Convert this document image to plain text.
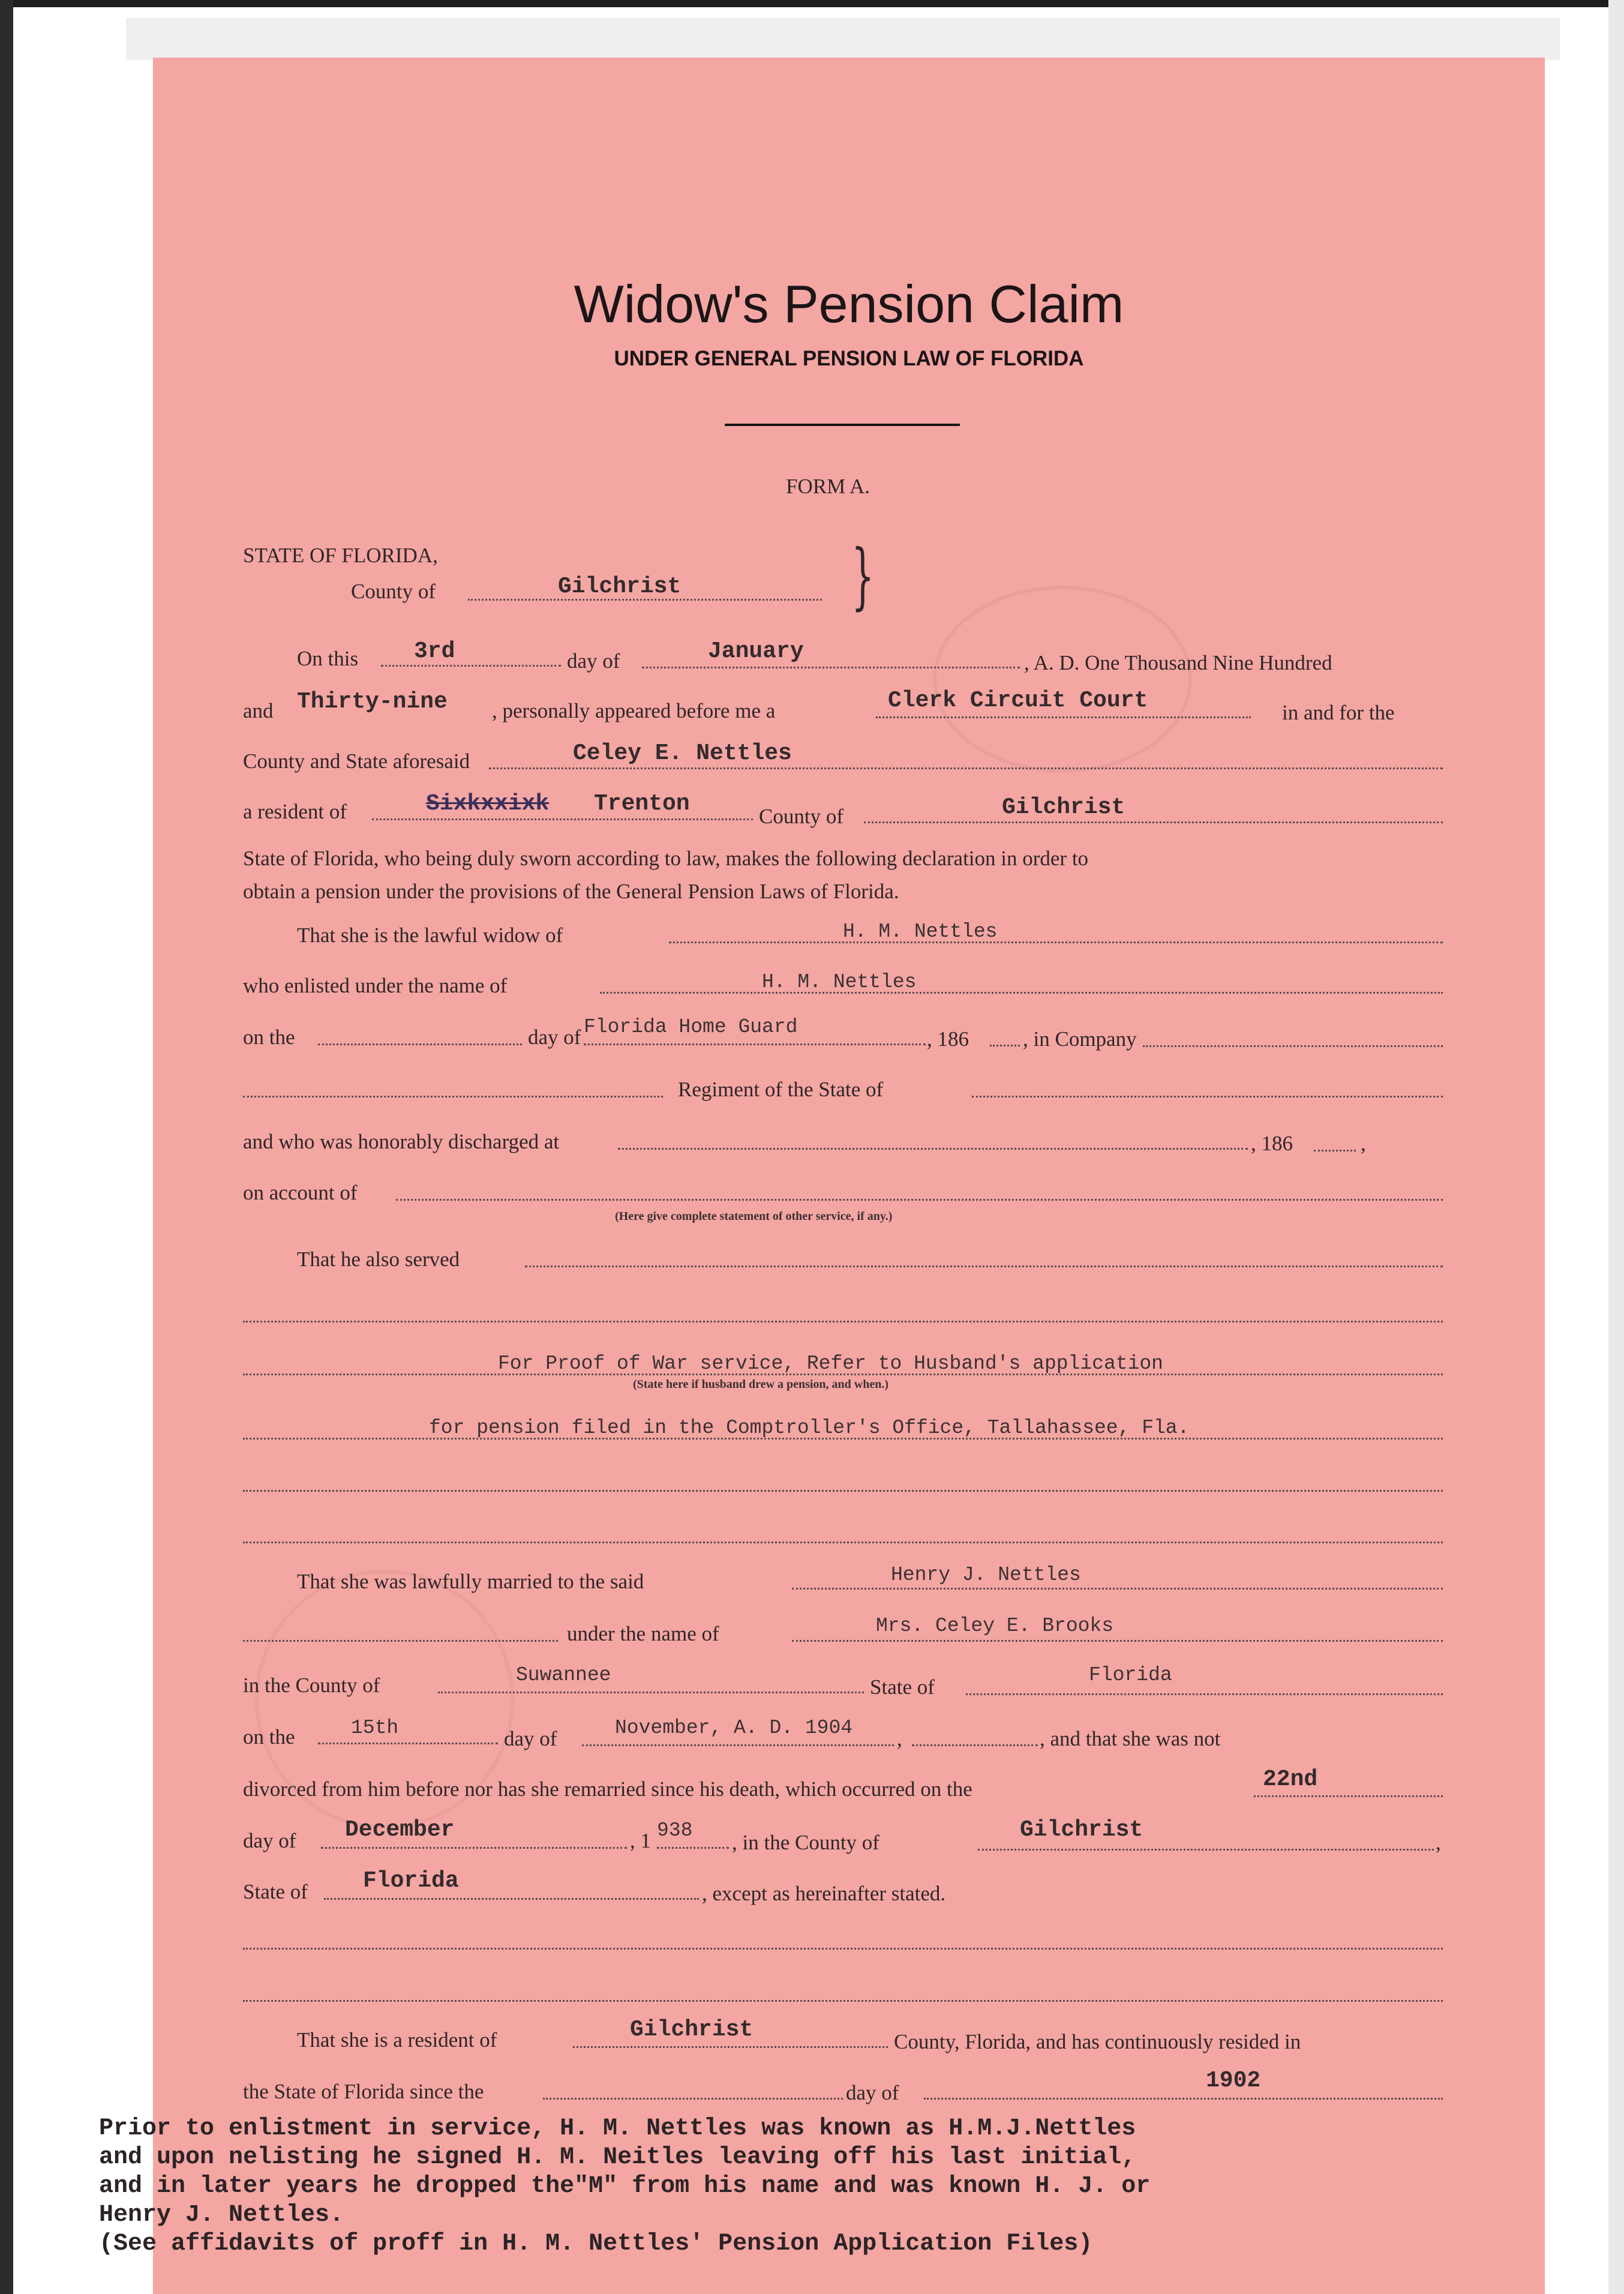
Widow's Pension Claim
UNDER GENERAL PENSION LAW OF FLORIDA
FORM A.
STATE OF FLORIDA,
County of	Gilchrist }
On this 3rd	day of	January	, A. D. One Thousand Nine Hundred
and Thirty-nine , personally appeared before me a	Clerk Circuit Court	in and for the
County and State aforesaid	Celey E. Nettles
a resident of	Sixkxxixk Trenton	County of	Gilchrist
State of Florida, who being duly sworn according to law, makes the following declaration in order to
obtain a pension under the provisions of the General Pension Laws of Florida.
That she is the lawful widow of	H. M. Nettles
who enlisted under the name of	H. M. Nettles
on the	day of Florida Home Guard
, 186	, in Company
Regiment of the State of
and who was honorably discharged at	, 186	,
on account of
(Here give complete statement of other service, if any.)
That he also served
For Proof of War service, Refer to Husband's application
(State here if husband drew a pension, and when.)
for pension filed in the Comptroller's Office, Tallahassee, Fla.
That she was lawfully married to the said	Henry J. Nettles
under the name of	Mrs. Celey E. Brooks
in the County of	Suwannee
State of
Florida
on the	15th	day of	November, A. D. 1904 ,	, and that she was not
divorced from him before nor has she remarried since his death, which occurred on the	22nd
day of December	, 1 938
, in the County of	Gilchrist	,
State of Florida	, except as hereinafter stated.
That she is a resident of	Gilchrist	County, Florida, and has continuously resided in
the State of Florida since the	day of	1902
Prior to enlistment in service, H. M. Nettles was known as H.M.J.Nettles
and upon nelisting he signed H. M. Neitles leaving off his last initial,
and in later years he dropped the"M" from his name and was known H. J. or
Henry J. Nettles.
(See affidavits of proff in H. M. Nettles' Pension Application Files)
